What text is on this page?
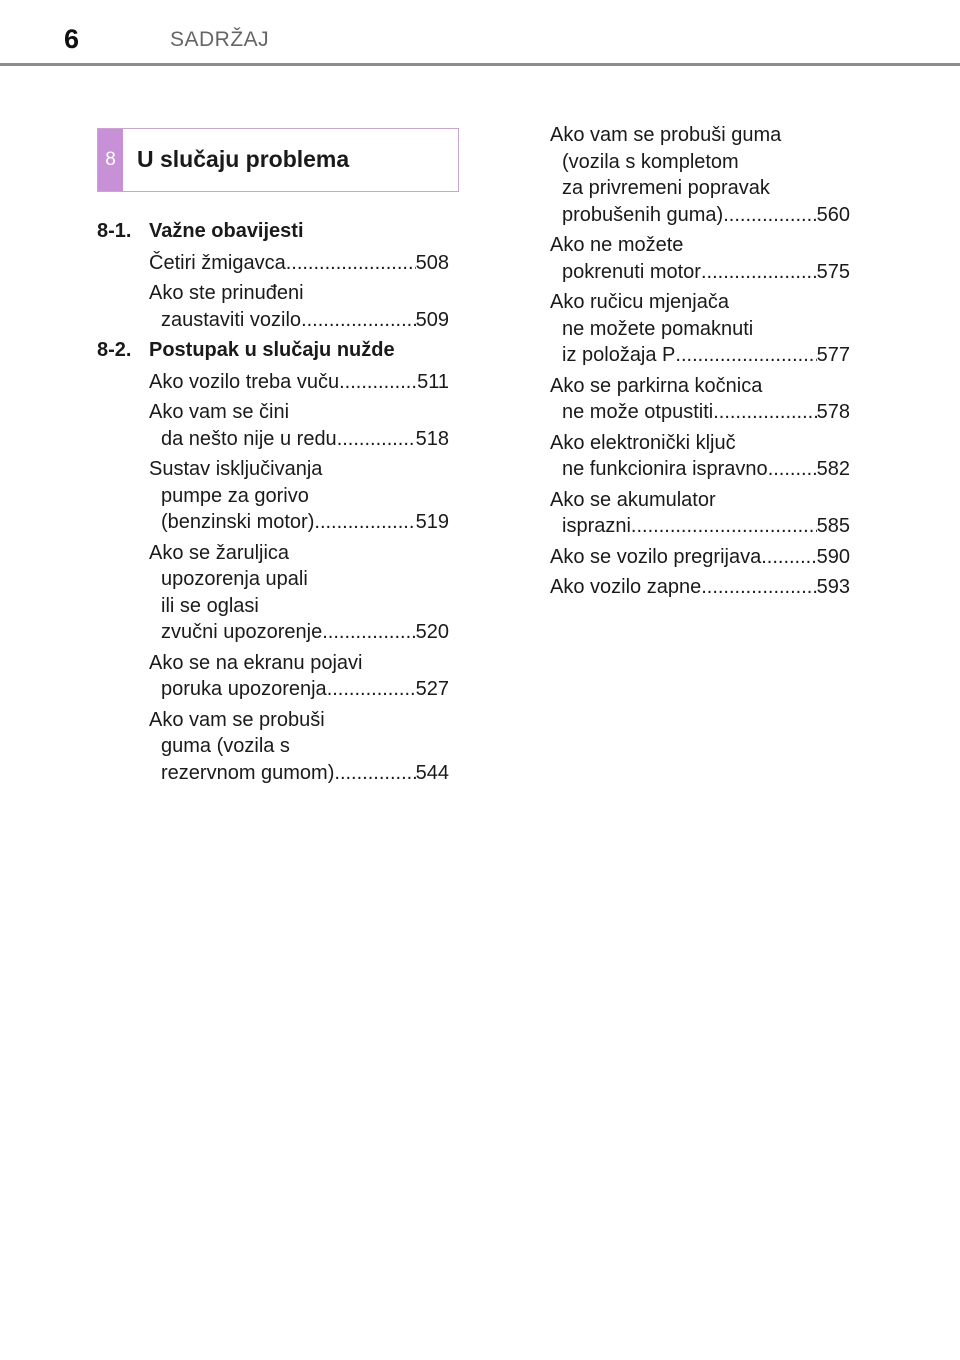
6	SADRŽAJ
8 U slučaju problema
8-1. Važne obavijesti
Četiri žmigavca .....	508
Ako ste prinuđeni
zaustaviti vozilo .....	509
8-2. Postupak u slučaju nužde
Ako vozilo treba vuču .....	511
Ako vam se čini
da nešto nije u redu .....	518
Sustav isključivanja
pumpe za gorivo
(benzinski motor) .....	519
Ako se žaruljica
upozorenja upali
ili se oglasi
zvučni upozorenje .....	520
Ako se na ekranu pojavi
poruka upozorenja .....	527
Ako vam se probuši
guma (vozila s
rezervnom gumom) .....	544
Ako vam se probuši guma
(vozila s kompletom
za privremeni popravak
probušenih guma) .....	560
Ako ne možete
pokrenuti motor .....	575
Ako ručicu mjenjača
ne možete pomaknuti
iz položaja P .....	577
Ako se parkirna kočnica
ne može otpustiti .....	578
Ako elektronički ključ
ne funkcionira ispravno ..... 582
Ako se akumulator
isprazni .....	585
Ako se vozilo pregrijava .....	590
Ako vozilo zapne .....	593
